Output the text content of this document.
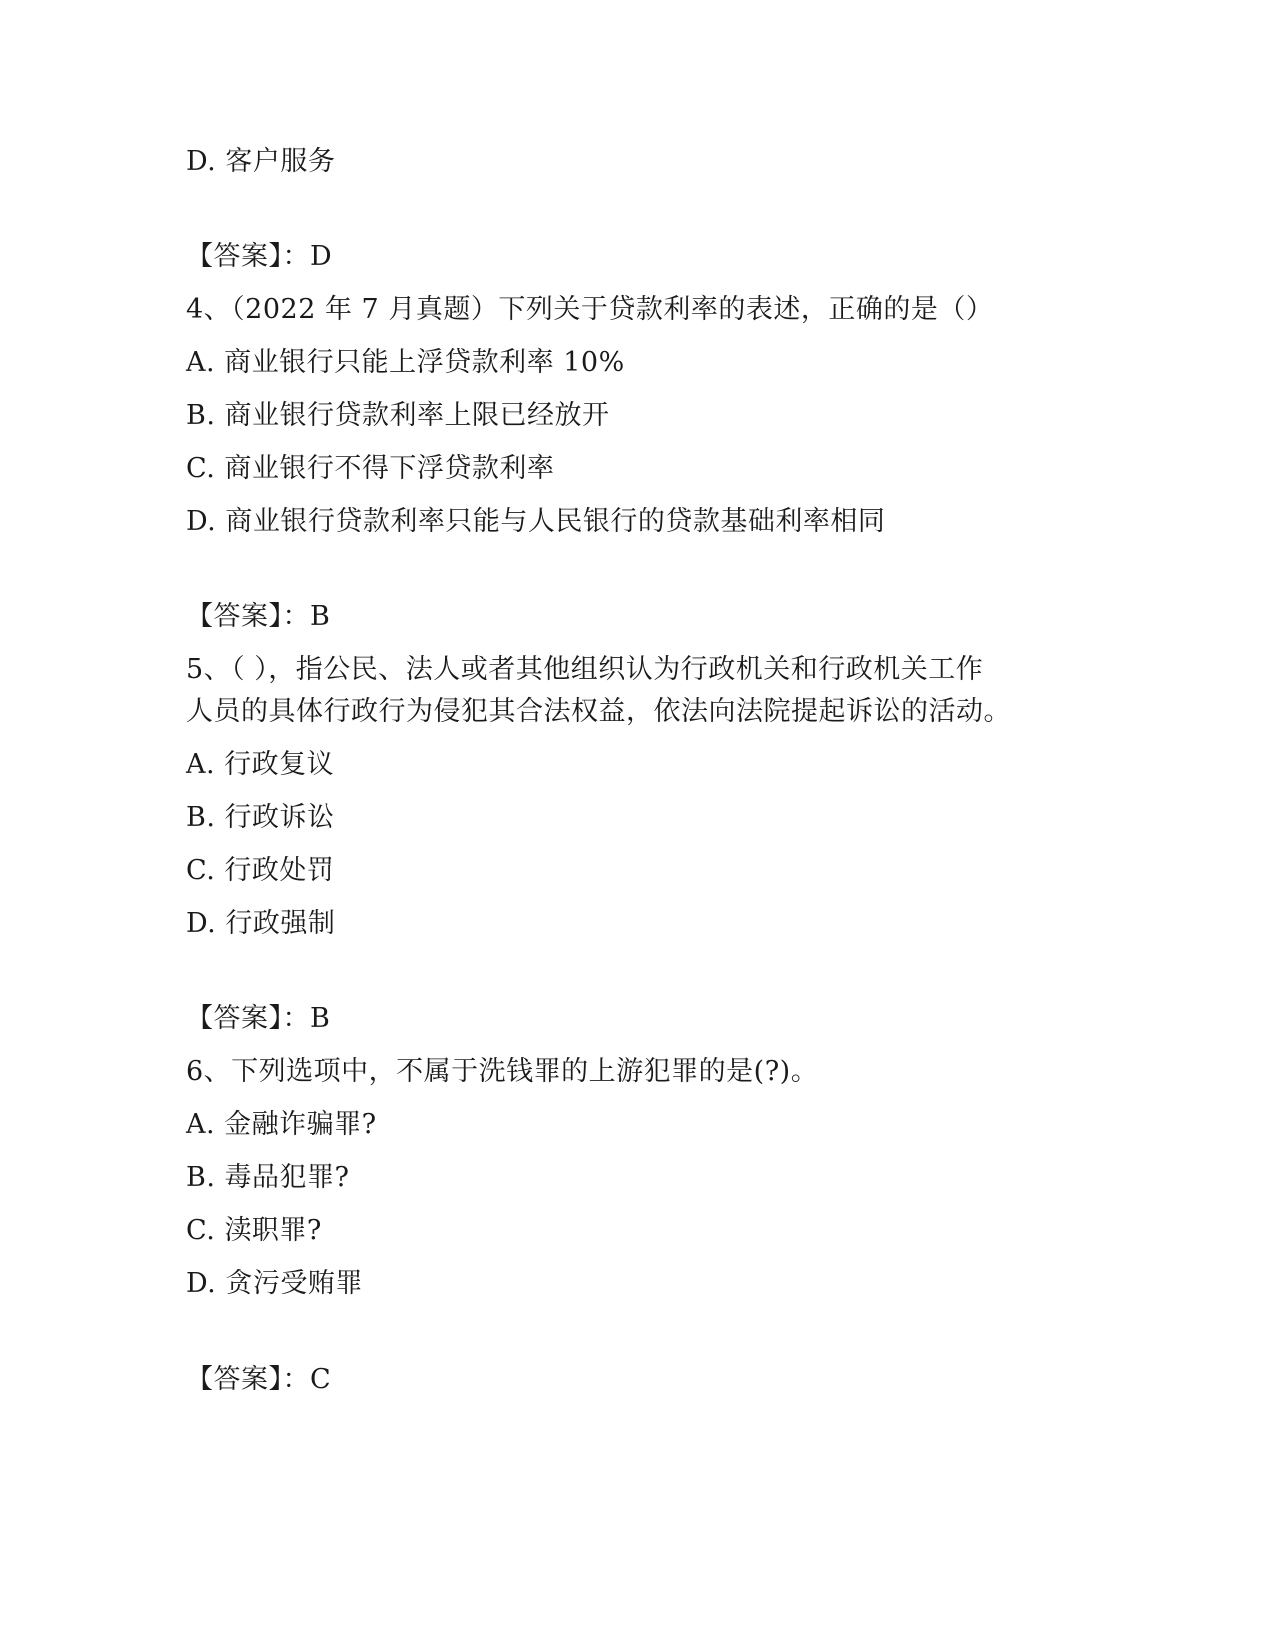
D. 客户服务
【答案】：D
4、（2022 年 7 月真题）下列关于贷款利率的表述，正确的是（）
A. 商业银行只能上浮贷款利率 10%
B. 商业银行贷款利率上限已经放开
C. 商业银行不得下浮贷款利率
D. 商业银行贷款利率只能与人民银行的贷款基础利率相同
【答案】：B
5、（ ），指公民、法人或者其他组织认为行政机关和行政机关工作
人员的具体行政行为侵犯其合法权益，依法向法院提起诉讼的活动。
A. 行政复议
B. 行政诉讼
C. 行政处罚
D. 行政强制
【答案】：B
6、下列选项中，不属于洗钱罪的上游犯罪的是(?)。
A. 金融诈骗罪?
B. 毒品犯罪?
C. 渎职罪?
D. 贪污受贿罪
【答案】：C
